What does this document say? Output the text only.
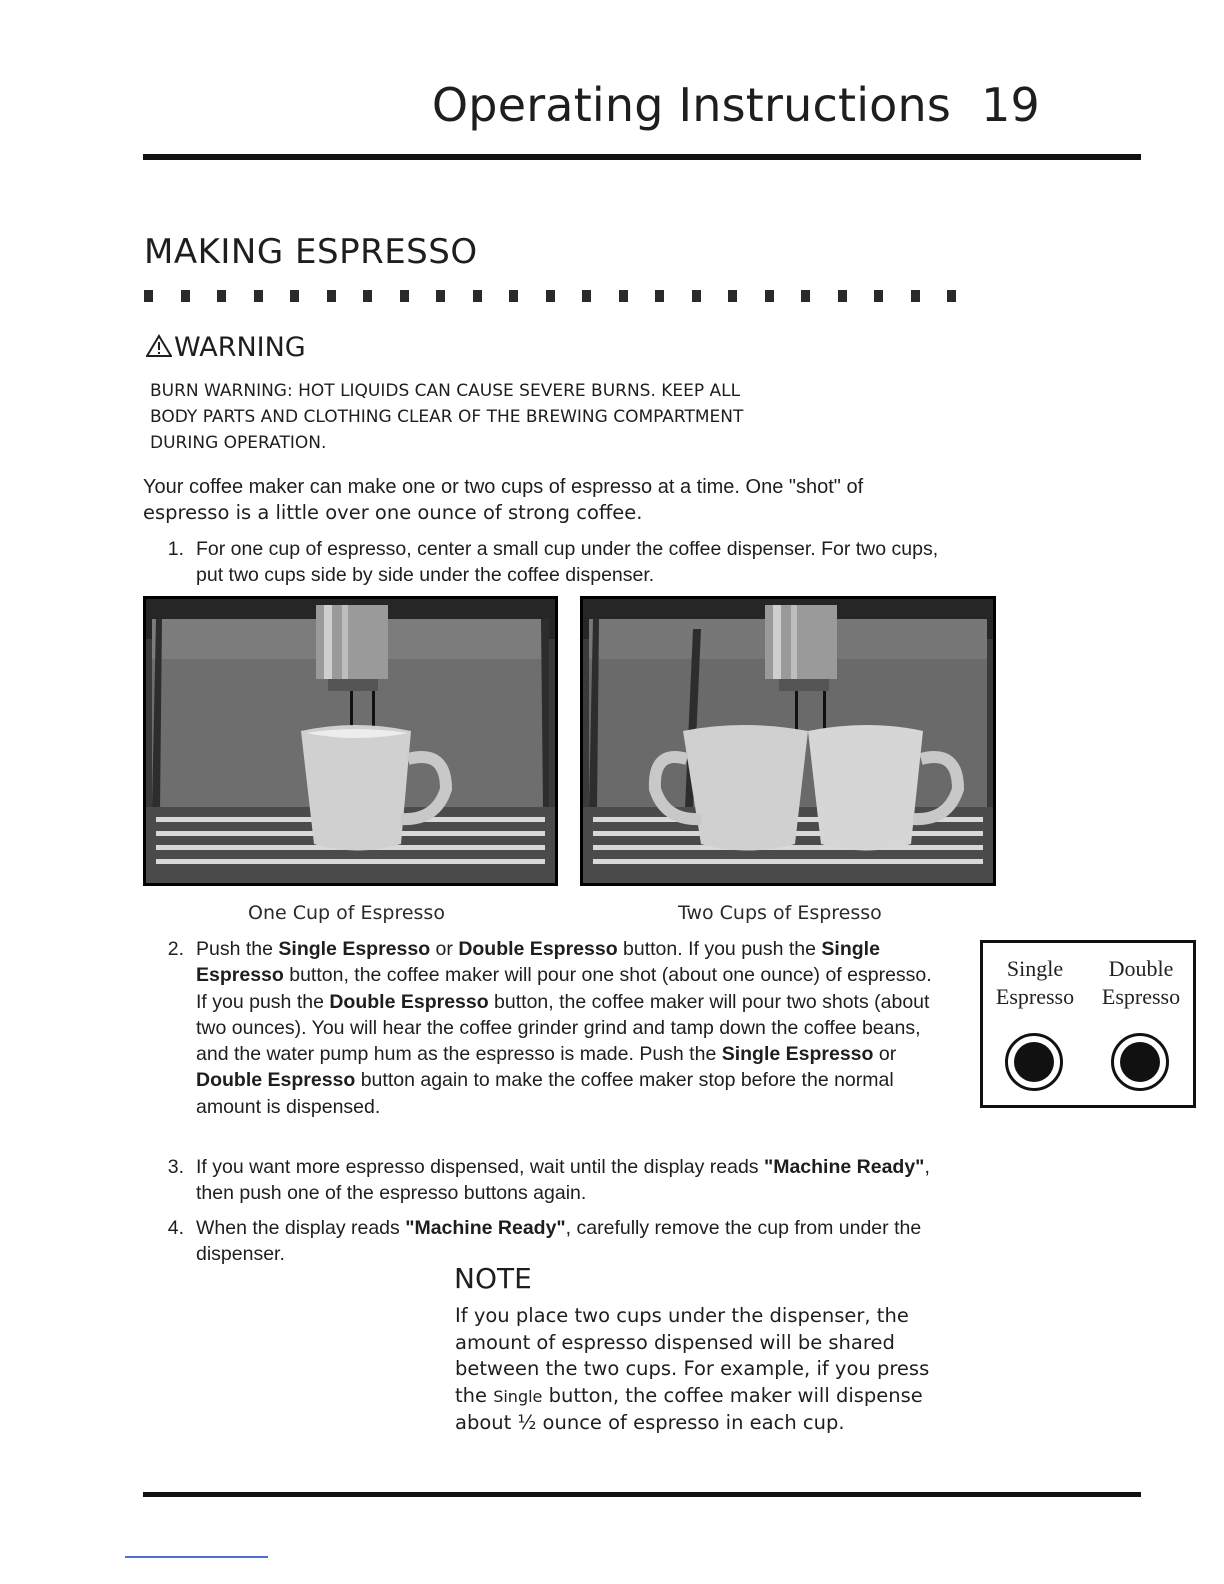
Operating Instructions 19
MAKING ESPRESSO
WARNING
BURN WARNING: HOT LIQUIDS CAN CAUSE SEVERE BURNS. KEEP ALL
BODY PARTS AND CLOTHING CLEAR OF THE BREWING COMPARTMENT
DURING OPERATION.
Your coffee maker can make one or two cups of espresso at a time. One "shot" of
espresso is a little over one ounce of strong coffee.
1. For one cup of espresso, center a small cup under the coffee dispenser. For two cups, put two cups side by side under the coffee dispenser.
One Cup of Espresso	Two Cups of Espresso
2. Push the Single Espresso or Double Espresso button. If you push the Single Espresso button, the coffee maker will pour one shot (about one ounce) of espresso. If you push the Double Espresso button, the coffee maker will pour two shots (about two ounces). You will hear the coffee grinder grind and tamp down the coffee beans, and the water pump hum as the espresso is made. Push the Single Espresso or Double Espresso button again to make the coffee maker stop before the normal amount is dispensed.
Single
Espresso
Double
Espresso
3. If you want more espresso dispensed, wait until the display reads "Machine Ready", then push one of the espresso buttons again.
4. When the display reads "Machine Ready", carefully remove the cup from under the dispenser.
NOTE
If you place two cups under the dispenser, the amount of espresso dispensed will be shared between the two cups. For example, if you press the Single button, the coffee maker will dispense about ½ ounce of espresso in each cup.
